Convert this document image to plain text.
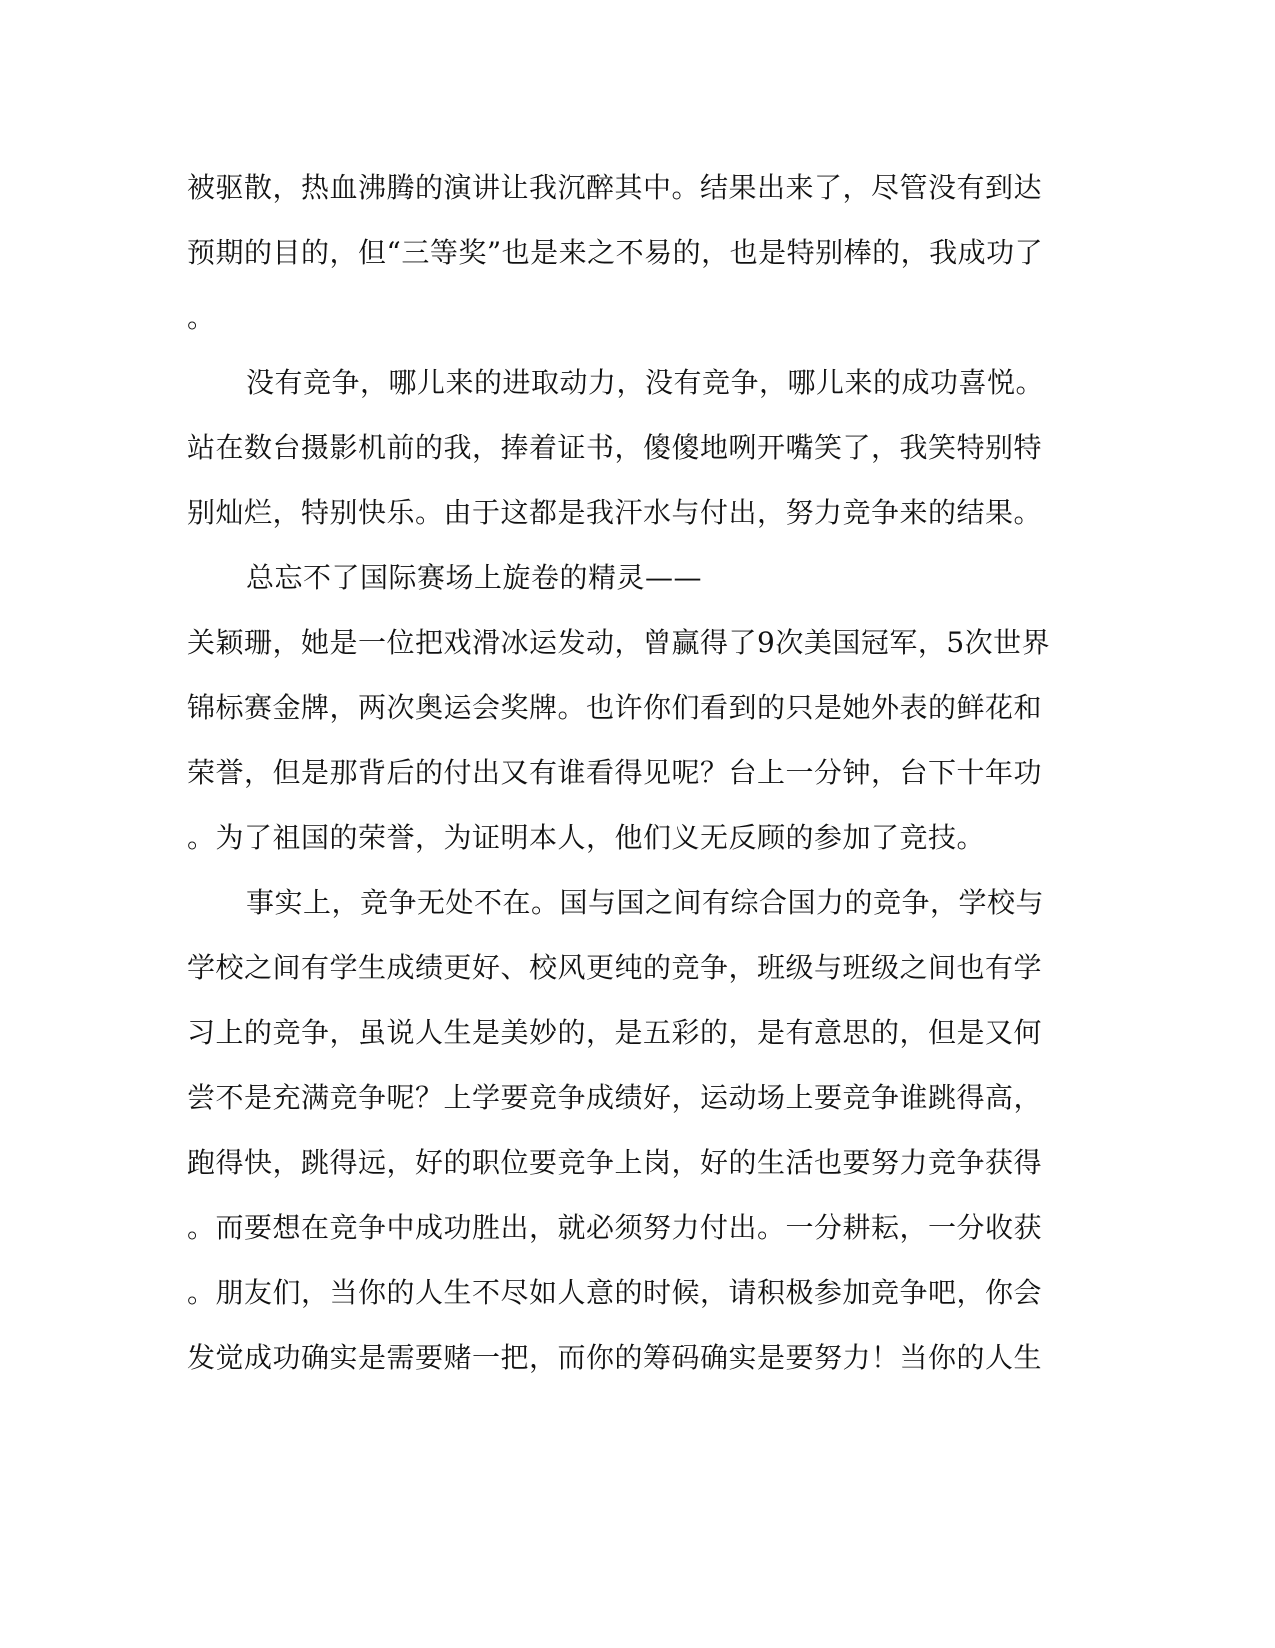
被驱散，热血沸腾的演讲让我沉醉其中。结果出来了，尽管没有到达
预期的目的，但“三等奖”也是来之不易的，也是特别棒的，我成功了
。
没有竞争，哪儿来的进取动力，没有竞争，哪儿来的成功喜悦。
站在数台摄影机前的我，捧着证书，傻傻地咧开嘴笑了，我笑特别特
别灿烂，特别快乐。由于这都是我汗水与付出，努力竞争来的结果。
总忘不了国际赛场上旋卷的精灵——
关颖珊，她是一位把戏滑冰运发动，曾赢得了9次美国冠军，5次世界
锦标赛金牌，两次奥运会奖牌。也许你们看到的只是她外表的鲜花和
荣誉，但是那背后的付出又有谁看得见呢？台上一分钟，台下十年功
。为了祖国的荣誉，为证明本人，他们义无反顾的参加了竞技。
事实上，竞争无处不在。国与国之间有综合国力的竞争，学校与
学校之间有学生成绩更好、校风更纯的竞争，班级与班级之间也有学
习上的竞争，虽说人生是美妙的，是五彩的，是有意思的，但是又何
尝不是充满竞争呢？上学要竞争成绩好，运动场上要竞争谁跳得高，
跑得快，跳得远，好的职位要竞争上岗，好的生活也要努力竞争获得
。而要想在竞争中成功胜出，就必须努力付出。一分耕耘，一分收获
。朋友们，当你的人生不尽如人意的时候，请积极参加竞争吧，你会
发觉成功确实是需要赌一把，而你的筹码确实是要努力！当你的人生
